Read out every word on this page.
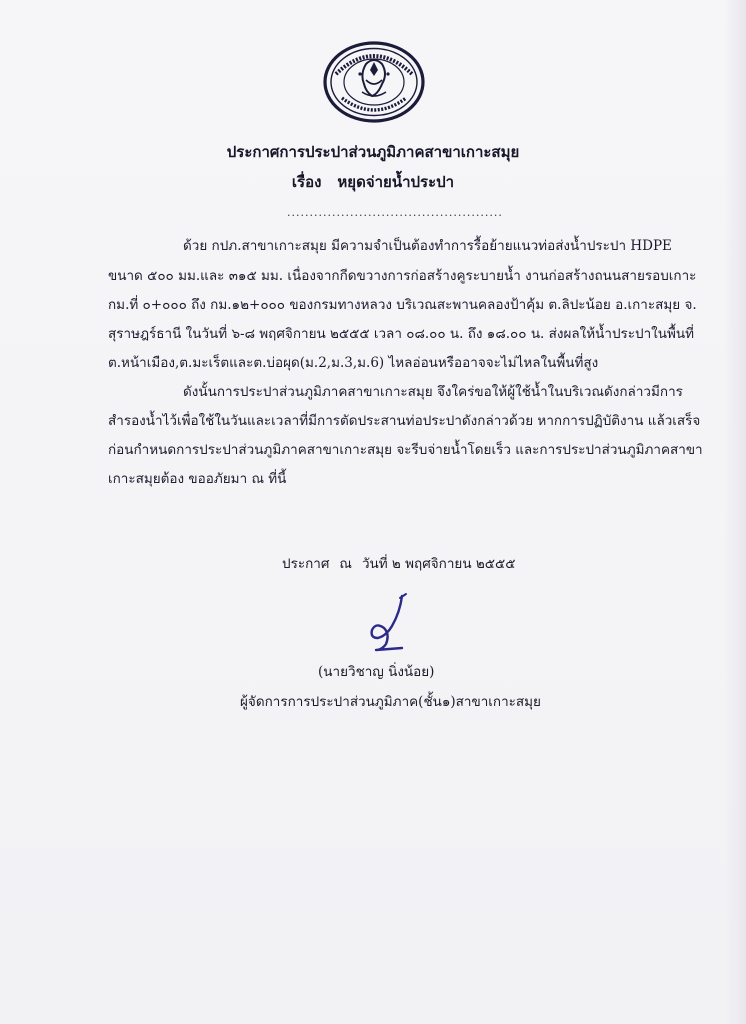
ประกาศการประปาส่วนภูมิภาคสาขาเกาะสมุย
เรื่อง หยุดจ่ายน้ำประปา
................................................
ด้วย กปภ.สาขาเกาะสมุย มีความจำเป็นต้องทำการรื้อย้ายแนวท่อส่งน้ำประปา HDPE
ขนาด ๕๐๐ มม.และ ๓๑๕ มม. เนื่องจากกีดขวางการก่อสร้างคูระบายน้ำ งานก่อสร้างถนนสายรอบเกาะ
กม.ที่ ๐+๐๐๐ ถึง กม.๑๒+๐๐๐ ของกรมทางหลวง บริเวณสะพานคลองป้าคุ้ม ต.ลิปะน้อย อ.เกาะสมุย จ.
สุราษฎร์ธานี ในวันที่ ๖-๘ พฤศจิกายน ๒๕๕๕ เวลา ๐๘.๐๐ น. ถึง ๑๘.๐๐ น. ส่งผลให้น้ำประปาในพื้นที่
ต.หน้าเมือง,ต.มะเร็ตและต.บ่อผุด(ม.2,ม.3,ม.6) ไหลอ่อนหรืออาจจะไม่ไหลในพื้นที่สูง
ดังนั้นการประปาส่วนภูมิภาคสาขาเกาะสมุย จึงใคร่ขอให้ผู้ใช้น้ำในบริเวณดังกล่าวมีการ
สำรองน้ำไว้เพื่อใช้ในวันและเวลาที่มีการตัดประสานท่อประปาดังกล่าวด้วย หากการปฏิบัติงาน แล้วเสร็จ
ก่อนกำหนดการประปาส่วนภูมิภาคสาขาเกาะสมุย จะรีบจ่ายน้ำโดยเร็ว และการประปาส่วนภูมิภาคสาขา
เกาะสมุยต้อง ขออภัยมา ณ ที่นี้
ประกาศ ณ วันที่ ๒ พฤศจิกายน ๒๕๕๕
(นายวิชาญ นิ่งน้อย)
ผู้จัดการการประปาส่วนภูมิภาค(ชั้น๑)สาขาเกาะสมุย
